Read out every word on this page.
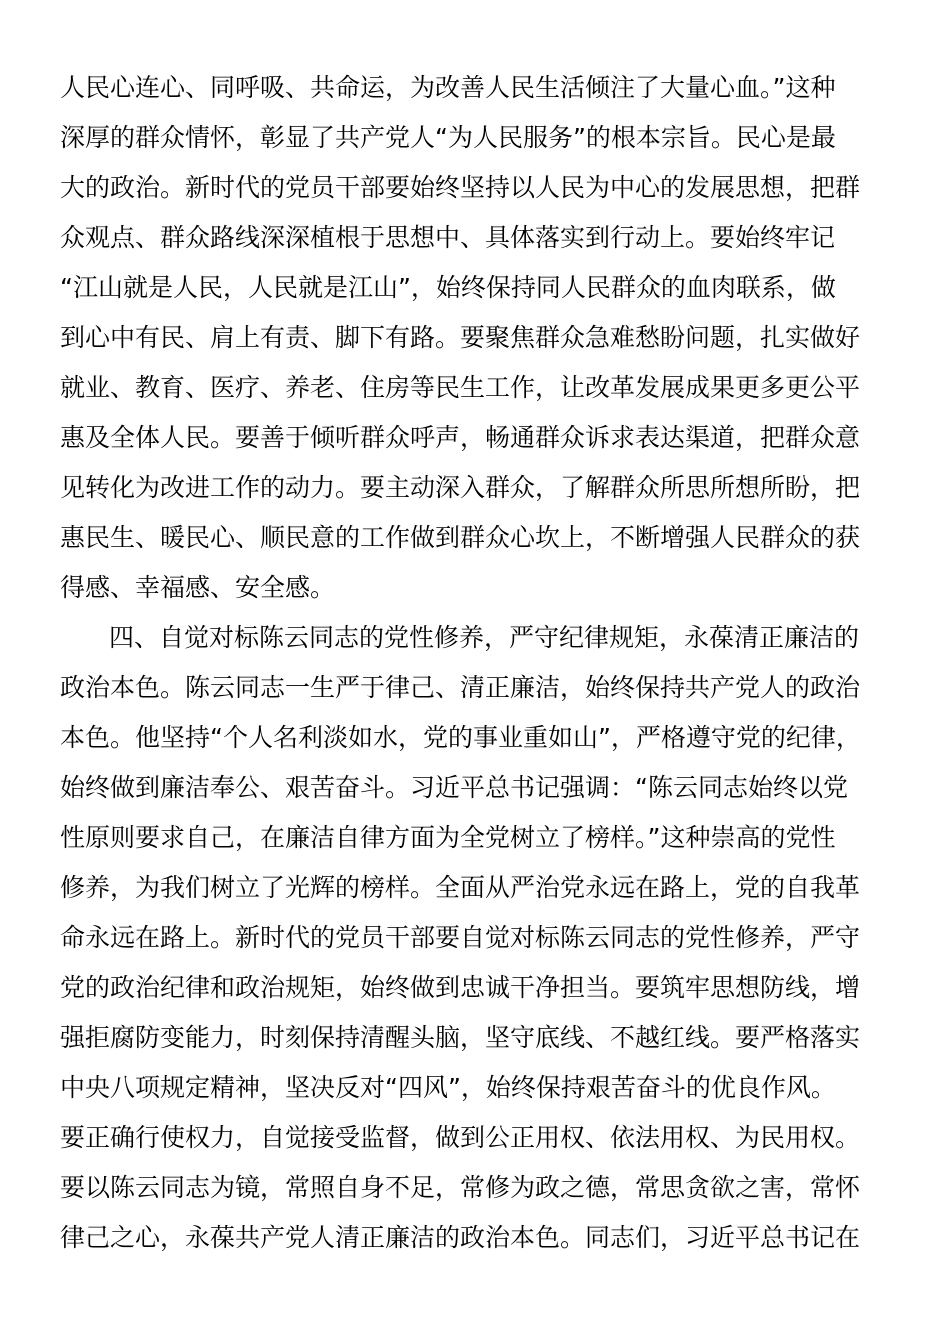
人民心连心、同呼吸、共命运，为改善人民生活倾注了大量心血。”这种
深厚的群众情怀，彰显了共产党人“为人民服务”的根本宗旨。民心是最
大的政治。新时代的党员干部要始终坚持以人民为中心的发展思想，把群
众观点、群众路线深深植根于思想中、具体落实到行动上。要始终牢记
“江山就是人民，人民就是江山”，始终保持同人民群众的血肉联系，做
到心中有民、肩上有责、脚下有路。要聚焦群众急难愁盼问题，扎实做好
就业、教育、医疗、养老、住房等民生工作，让改革发展成果更多更公平
惠及全体人民。要善于倾听群众呼声，畅通群众诉求表达渠道，把群众意
见转化为改进工作的动力。要主动深入群众，了解群众所思所想所盼，把
惠民生、暖民心、顺民意的工作做到群众心坎上，不断增强人民群众的获
得感、幸福感、安全感。
四、自觉对标陈云同志的党性修养，严守纪律规矩，永葆清正廉洁的
政治本色。陈云同志一生严于律己、清正廉洁，始终保持共产党人的政治
本色。他坚持“个人名利淡如水，党的事业重如山”，严格遵守党的纪律，
始终做到廉洁奉公、艰苦奋斗。习近平总书记强调：“陈云同志始终以党
性原则要求自己，在廉洁自律方面为全党树立了榜样。”这种崇高的党性
修养，为我们树立了光辉的榜样。全面从严治党永远在路上，党的自我革
命永远在路上。新时代的党员干部要自觉对标陈云同志的党性修养，严守
党的政治纪律和政治规矩，始终做到忠诚干净担当。要筑牢思想防线，增
强拒腐防变能力，时刻保持清醒头脑，坚守底线、不越红线。要严格落实
中央八项规定精神，坚决反对“四风”，始终保持艰苦奋斗的优良作风。
要正确行使权力，自觉接受监督，做到公正用权、依法用权、为民用权。
要以陈云同志为镜，常照自身不足，常修为政之德，常思贪欲之害，常怀
律己之心，永葆共产党人清正廉洁的政治本色。同志们，习近平总书记在
